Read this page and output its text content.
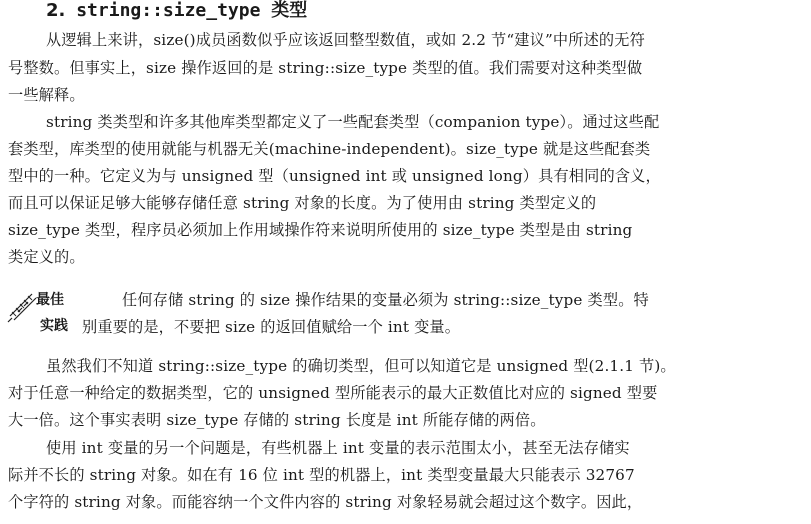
2. string::size_type 类型
从逻辑上来讲，size()成员函数似乎应该返回整型数值，或如 2.2 节“建议”中所述的无符
号整数。但事实上，size 操作返回的是 string::size_type 类型的值。我们需要对这种类型做
一些解释。
string 类类型和许多其他库类型都定义了一些配套类型（companion type）。通过这些配
套类型，库类型的使用就能与机器无关(machine-independent)。size_type 就是这些配套类
型中的一种。它定义为与 unsigned 型（unsigned int 或 unsigned long）具有相同的含义，
而且可以保证足够大能够存储任意 string 对象的长度。为了使用由 string 类型定义的
size_type 类型，程序员必须加上作用域操作符来说明所使用的 size_type 类型是由 string
类定义的。
最佳
实践
任何存储 string 的 size 操作结果的变量必须为 string::size_type 类型。特
别重要的是，不要把 size 的返回值赋给一个 int 变量。
虽然我们不知道 string::size_type 的确切类型，但可以知道它是 unsigned 型(2.1.1 节)。
对于任意一种给定的数据类型，它的 unsigned 型所能表示的最大正数值比对应的 signed 型要
大一倍。这个事实表明 size_type 存储的 string 长度是 int 所能存储的两倍。
使用 int 变量的另一个问题是，有些机器上 int 变量的表示范围太小，甚至无法存储实
际并不长的 string 对象。如在有 16 位 int 型的机器上，int 类型变量最大只能表示 32767
个字符的 string 对象。而能容纳一个文件内容的 string 对象轻易就会超过这个数字。因此，
